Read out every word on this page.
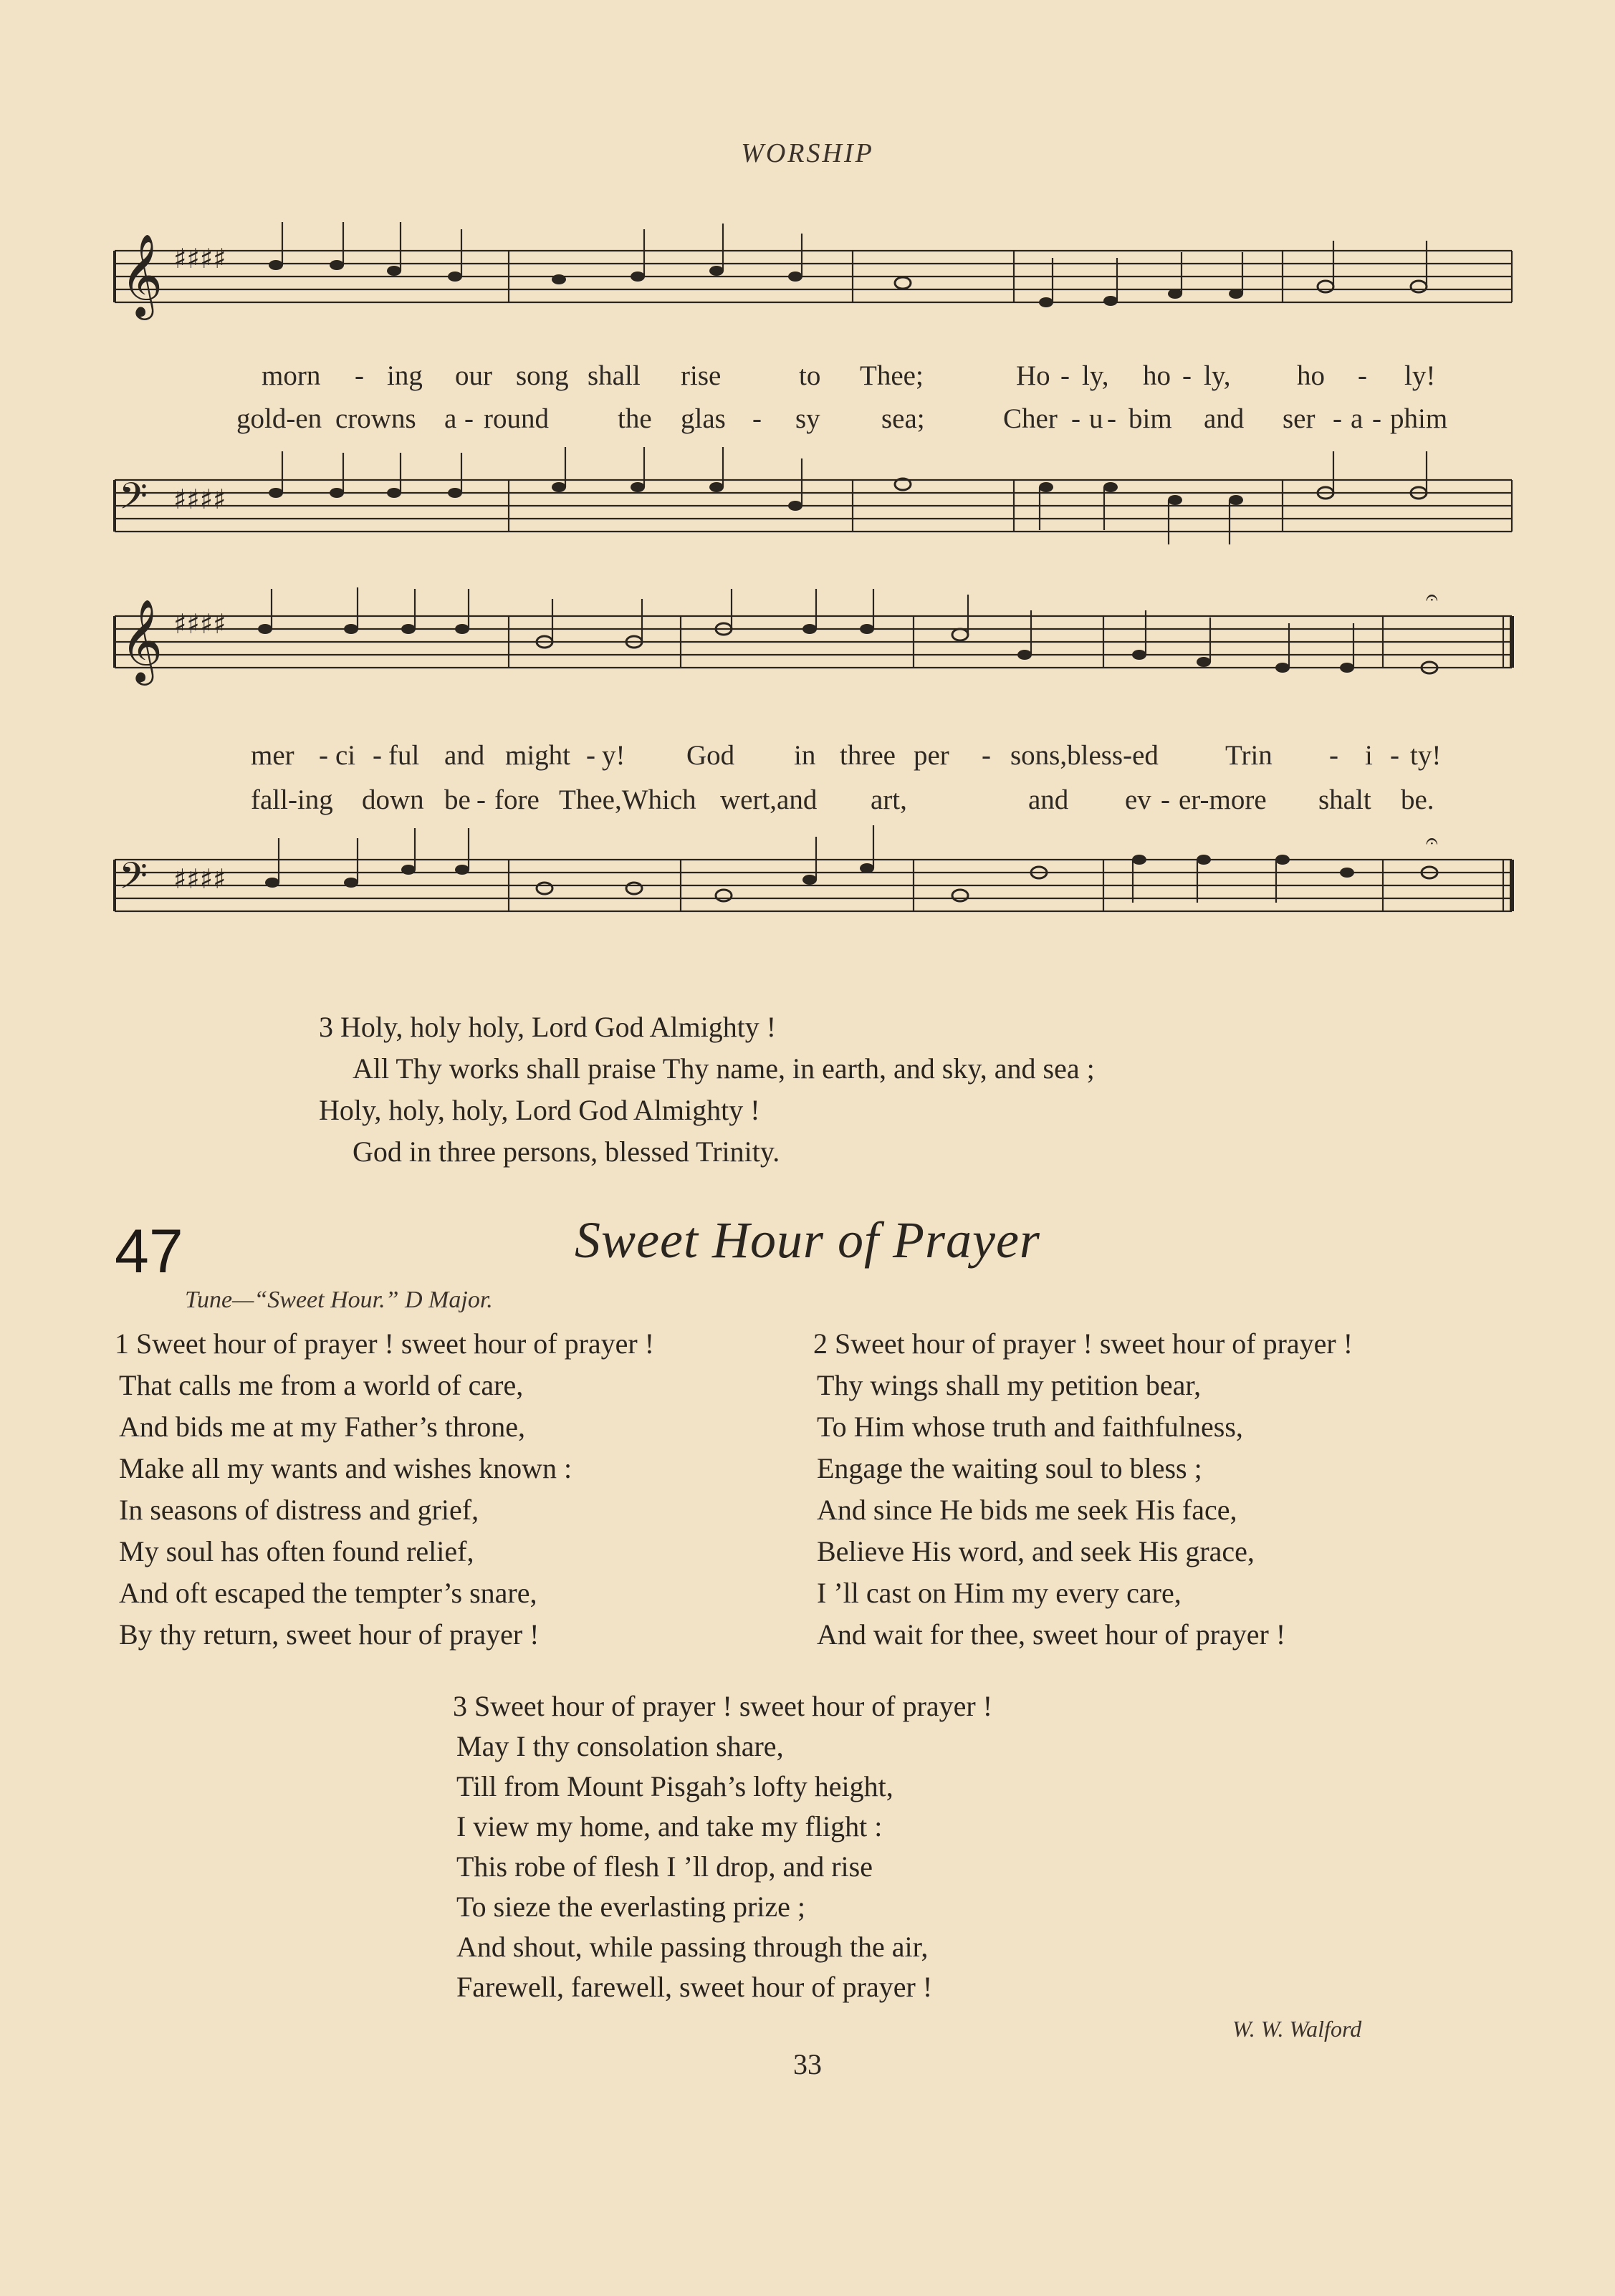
WORSHIP
𝄞 ♯♯♯♯
morn - ing our song shall rise	to Thee;	Ho - ly, ho - ly, ho - ly!
gold-en crowns a - round the glas - sy sea;	Cher - u - bim and ser - a - phim
𝄢 ♯♯♯♯
𝄞 ♯♯♯♯
𝄐
mer - ci - ful and might - y! God in three per - sons,bless-ed Trin - i - ty!
fall-ing down be - fore Thee,Which wert,and art,	and ev - er-more shalt be.
𝄢 ♯♯♯♯
𝄐
3 Holy, holy holy, Lord God Almighty !
All Thy works shall praise Thy name, in earth, and sky, and sea ;
Holy, holy, holy, Lord God Almighty !
God in three persons, blessed Trinity.
47	Sweet Hour of Prayer
Tune—“Sweet Hour.” D Major.
1 Sweet hour of prayer ! sweet hour of prayer !
That calls me from a world of care,
And bids me at my Father’s throne,
Make all my wants and wishes known :
In seasons of distress and grief,
My soul has often found relief,
And oft escaped the tempter’s snare,
By thy return, sweet hour of prayer !
2 Sweet hour of prayer ! sweet hour of prayer !
Thy wings shall my petition bear,
To Him whose truth and faithfulness,
Engage the waiting soul to bless ;
And since He bids me seek His face,
Believe His word, and seek His grace,
I ’ll cast on Him my every care,
And wait for thee, sweet hour of prayer !
3 Sweet hour of prayer ! sweet hour of prayer !
May I thy consolation share,
Till from Mount Pisgah’s lofty height,
I view my home, and take my flight :
This robe of flesh I ’ll drop, and rise
To sieze the everlasting prize ;
And shout, while passing through the air,
Farewell, farewell, sweet hour of prayer !
W. W. Walford
33
